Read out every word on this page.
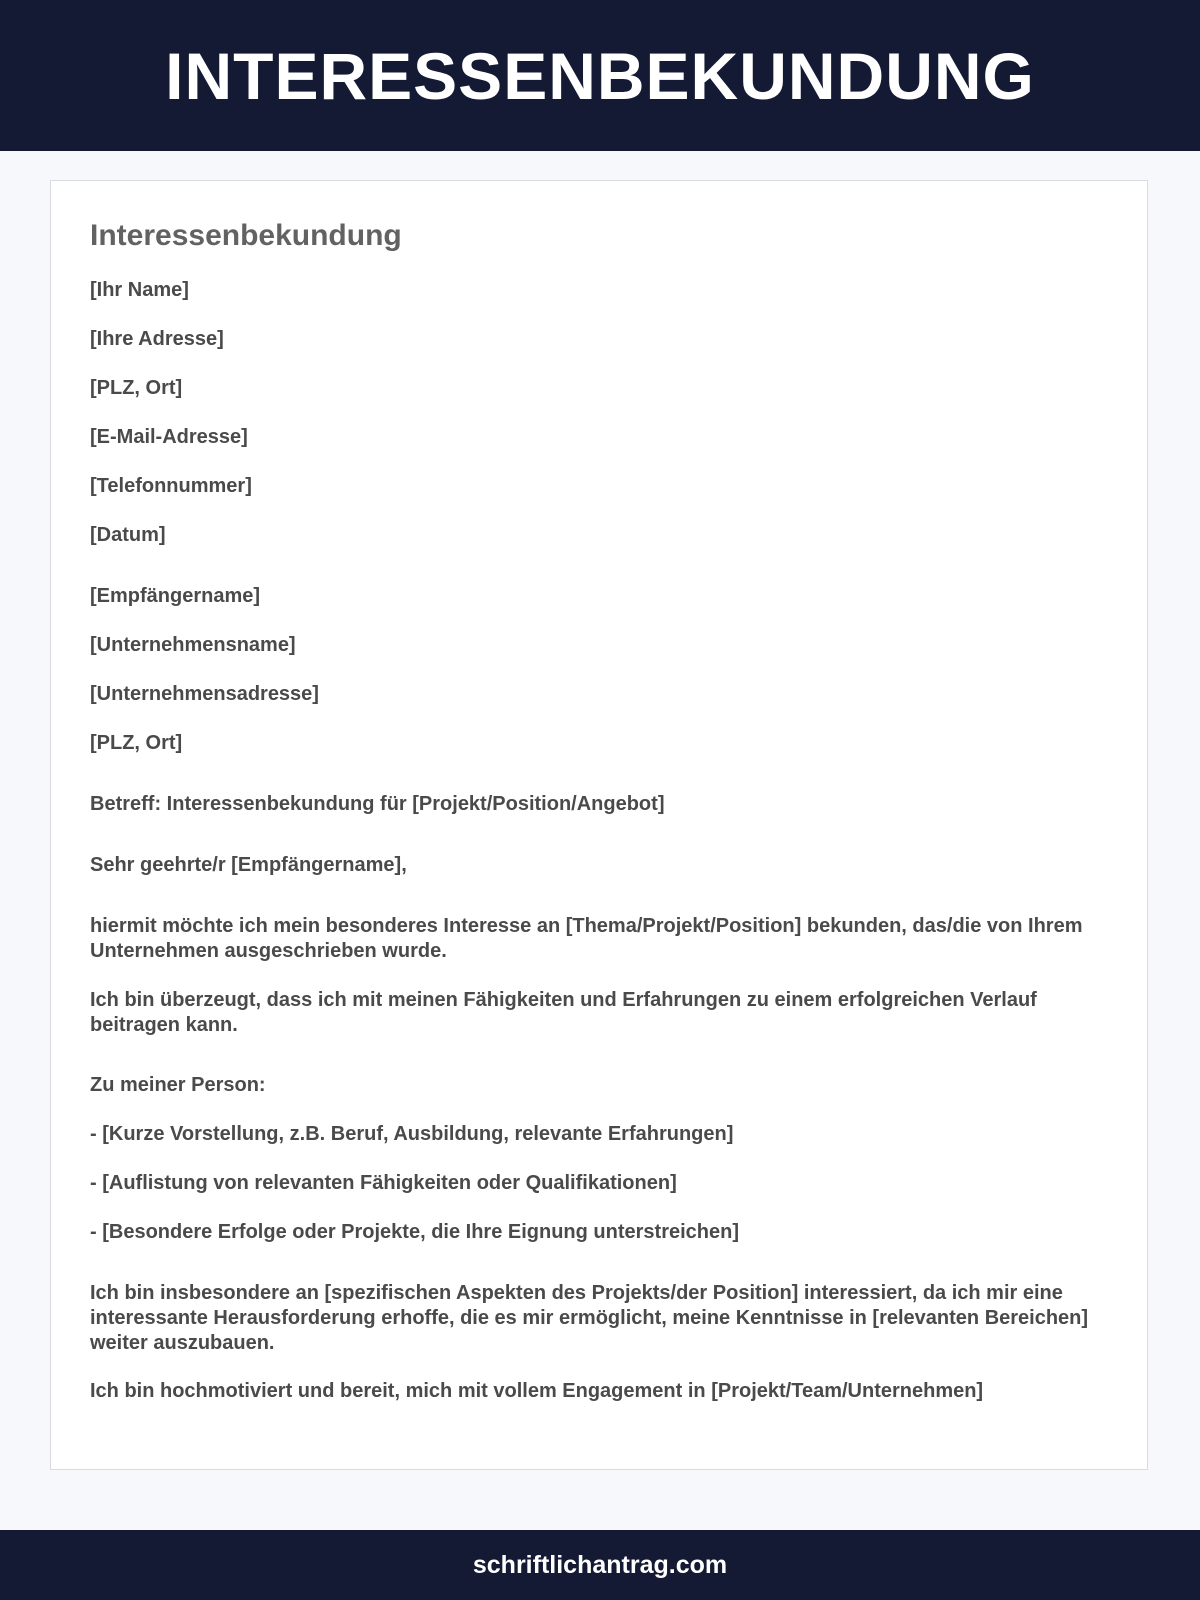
INTERESSENBEKUNDUNG
Interessenbekundung
[Ihr Name]
[Ihre Adresse]
[PLZ, Ort]
[E-Mail-Adresse]
[Telefonnummer]
[Datum]
[Empfängername]
[Unternehmensname]
[Unternehmensadresse]
[PLZ, Ort]
Betreff: Interessenbekundung für [Projekt/Position/Angebot]
Sehr geehrte/r [Empfängername],
hiermit möchte ich mein besonderes Interesse an [Thema/Projekt/Position] bekunden, das/die von Ihrem Unternehmen ausgeschrieben wurde.
Ich bin überzeugt, dass ich mit meinen Fähigkeiten und Erfahrungen zu einem erfolgreichen Verlauf beitragen kann.
Zu meiner Person:
- [Kurze Vorstellung, z.B. Beruf, Ausbildung, relevante Erfahrungen]
- [Auflistung von relevanten Fähigkeiten oder Qualifikationen]
- [Besondere Erfolge oder Projekte, die Ihre Eignung unterstreichen]
Ich bin insbesondere an [spezifischen Aspekten des Projekts/der Position] interessiert, da ich mir eine interessante Herausforderung erhoffe, die es mir ermöglicht, meine Kenntnisse in [relevanten Bereichen] weiter auszubauen.
Ich bin hochmotiviert und bereit, mich mit vollem Engagement in [Projekt/Team/Unternehmen]
schriftlichantrag.com
